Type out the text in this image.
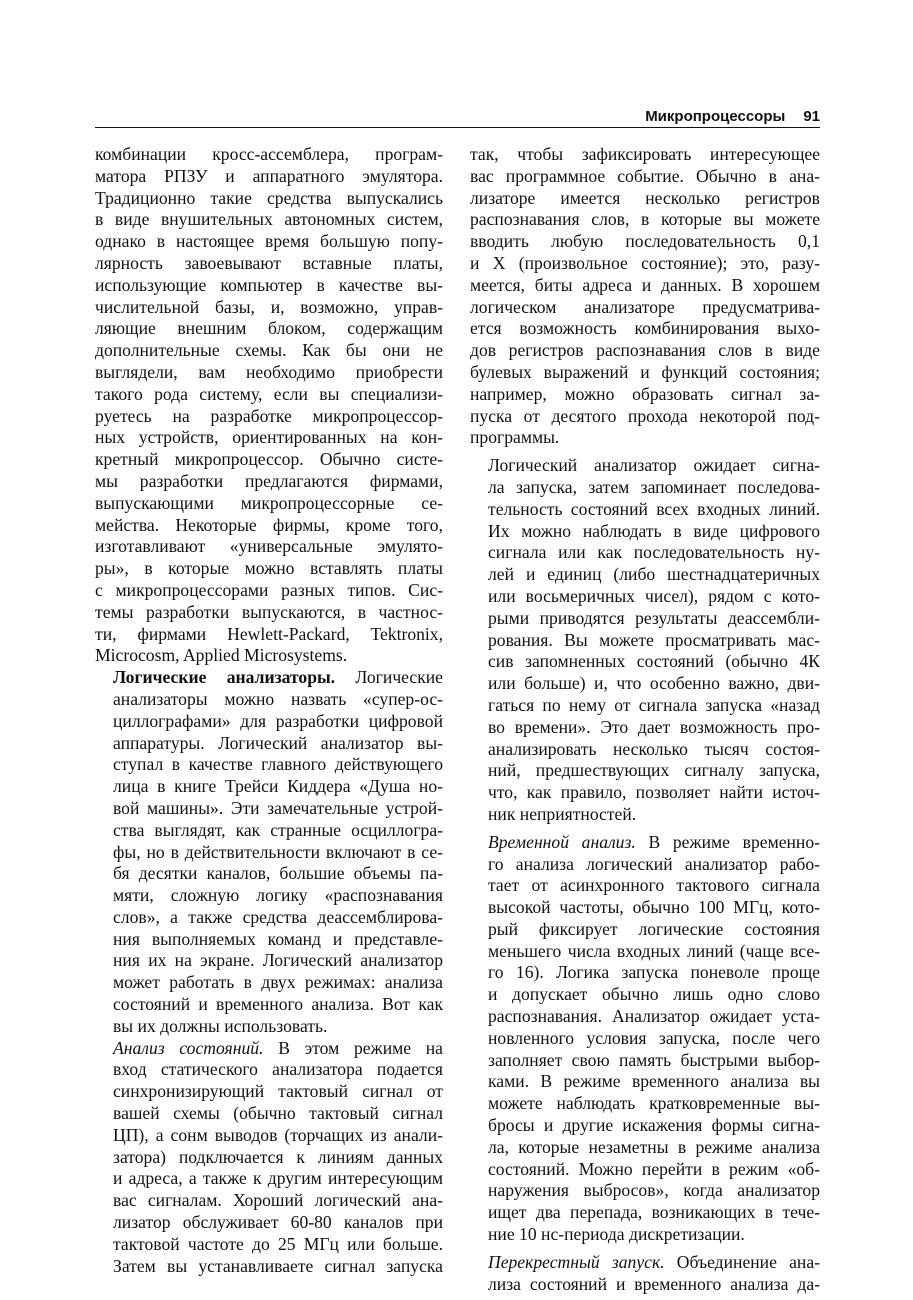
Микропроцессоры 91

комбинации кросс-ассемблера, програм-
матора РПЗУ и аппаратного эмулятора.
Традиционно такие средства выпускались
в виде внушительных автономных систем,
однако в настоящее время большую попу-
лярность завоевывают вставные платы,
использующие компьютер в качестве вы-
числительной базы, и, возможно, управ-
ляющие внешним блоком, содержащим
дополнительные схемы. Как бы они не
выглядели, вам необходимо приобрести
такого рода систему, если вы специализи-
руетесь на разработке микропроцессор-
ных устройств, ориентированных на кон-
кретный микропроцессор. Обычно систе-
мы разработки предлагаются фирмами,
выпускающими микропроцессорные се-
мейства. Некоторые фирмы, кроме того,
изготавливают «универсальные эмулято-
ры», в которые можно вставлять платы
с микропроцессорами разных типов. Сис-
темы разработки выпускаются, в частнос-
ти, фирмами Hewlett-Packard, Tektronix,
Microcosm, Applied Microsystems.

Логические анализаторы. Логические
анализаторы можно назвать «супер-ос-
циллографами» для разработки цифровой
аппаратуры. Логический анализатор вы-
ступал в качестве главного действующего
лица в книге Трейси Киддера «Душа но-
вой машины». Эти замечательные устрой-
ства выглядят, как странные осциллогра-
фы, но в действительности включают в се-
бя десятки каналов, большие объемы па-
мяти, сложную логику «распознавания
слов», а также средства деассемблирова-
ния выполняемых команд и представле-
ния их на экране. Логический анализатор
может работать в двух режимах: анализа
состояний и временного анализа. Вот как
вы их должны использовать.

Анализ состояний. В этом режиме на
вход статического анализатора подается
синхронизирующий тактовый сигнал от
вашей схемы (обычно тактовый сигнал
ЦП), а сонм выводов (торчащих из анали-
затора) подключается к линиям данных
и адреса, а также к другим интересующим
вас сигналам. Хороший логический ана-
лизатор обслуживает 60-80 каналов при
тактовой частоте до 25 МГц или больше.
Затем вы устанавливаете сигнал запуска

так, чтобы зафиксировать интересующее
вас программное событие. Обычно в ана-
лизаторе имеется несколько регистров
распознавания слов, в которые вы можете
вводить любую последовательность 0,1
и X (произвольное состояние); это, разу-
меется, биты адреса и данных. В хорошем
логическом анализаторе предусматрива-
ется возможность комбинирования выхо-
дов регистров распознавания слов в виде
булевых выражений и функций состояния;
например, можно образовать сигнал за-
пуска от десятого прохода некоторой под-
программы.

Логический анализатор ожидает сигна-
ла запуска, затем запоминает последова-
тельность состояний всех входных линий.
Их можно наблюдать в виде цифрового
сигнала или как последовательность ну-
лей и единиц (либо шестнадцатеричных
или восьмеричных чисел), рядом с кото-
рыми приводятся результаты деассембли-
рования. Вы можете просматривать мас-
сив запомненных состояний (обычно 4К
или больше) и, что особенно важно, дви-
гаться по нему от сигнала запуска «назад
во времени». Это дает возможность про-
анализировать несколько тысяч состоя-
ний, предшествующих сигналу запуска,
что, как правило, позволяет найти источ-
ник неприятностей.

Временной анализ. В режиме временно-
го анализа логический анализатор рабо-
тает от асинхронного тактового сигнала
высокой частоты, обычно 100 МГц, кото-
рый фиксирует логические состояния
меньшего числа входных линий (чаще все-
го 16). Логика запуска поневоле проще
и допускает обычно лишь одно слово
распознавания. Анализатор ожидает уста-
новленного условия запуска, после чего
заполняет свою память быстрыми выбор-
ками. В режиме временного анализа вы
можете наблюдать кратковременные вы-
бросы и другие искажения формы сигна-
ла, которые незаметны в режиме анализа
состояний. Можно перейти в режим «об-
наружения выбросов», когда анализатор
ищет два перепада, возникающих в тече-
ние 10 нс-периода дискретизации.

Перекрестный запуск. Объединение ана-
лиза состояний и временного анализа да-
